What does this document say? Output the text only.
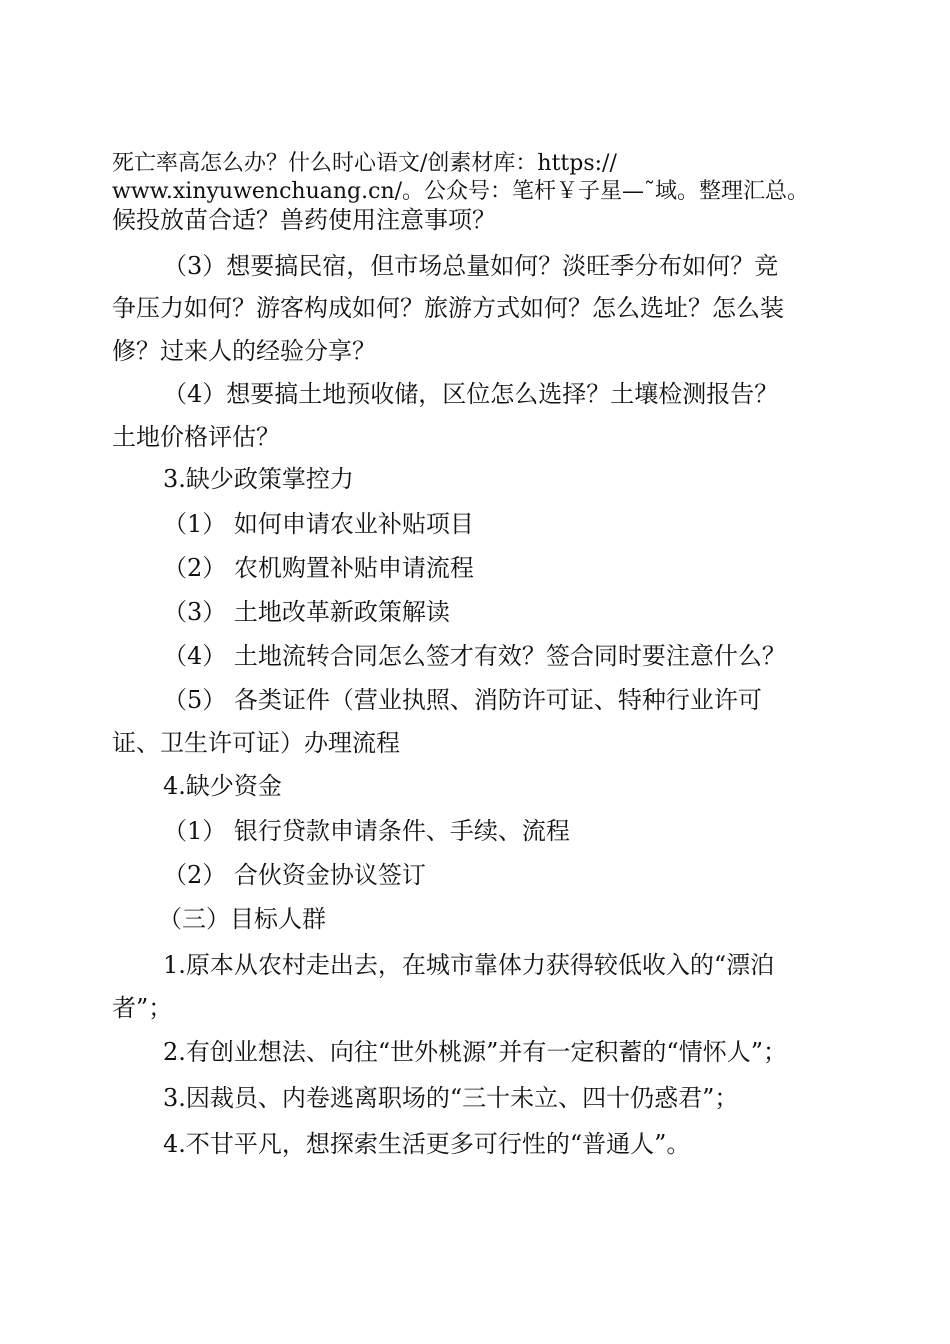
死亡率高怎么办？什么时心语文/创素材库：https://
www.xinyuwenchuang.cn/。公众号：笔杆￥子星—˜域。整理汇总。
候投放苗合适？兽药使用注意事项？
（3）想要搞民宿，但市场总量如何？淡旺季分布如何？竞
争压力如何？游客构成如何？旅游方式如何？怎么选址？怎么装
修？过来人的经验分享？
（4）想要搞土地预收储，区位怎么选择？土壤检测报告？
土地价格评估？
3.缺少政策掌控力
（1） 如何申请农业补贴项目
（2） 农机购置补贴申请流程
（3） 土地改革新政策解读
（4） 土地流转合同怎么签才有效？签合同时要注意什么？
（5） 各类证件（营业执照、消防许可证、特种行业许可
证、卫生许可证）办理流程
4.缺少资金
（1） 银行贷款申请条件、手续、流程
（2） 合伙资金协议签订
（三）目标人群
1.原本从农村走出去，在城市靠体力获得较低收入的“漂泊
者”；
2.有创业想法、向往“世外桃源”并有一定积蓄的“情怀人”；
3.因裁员、内卷逃离职场的“三十未立、四十仍惑君”；
4.不甘平凡，想探索生活更多可行性的“普通人”。
